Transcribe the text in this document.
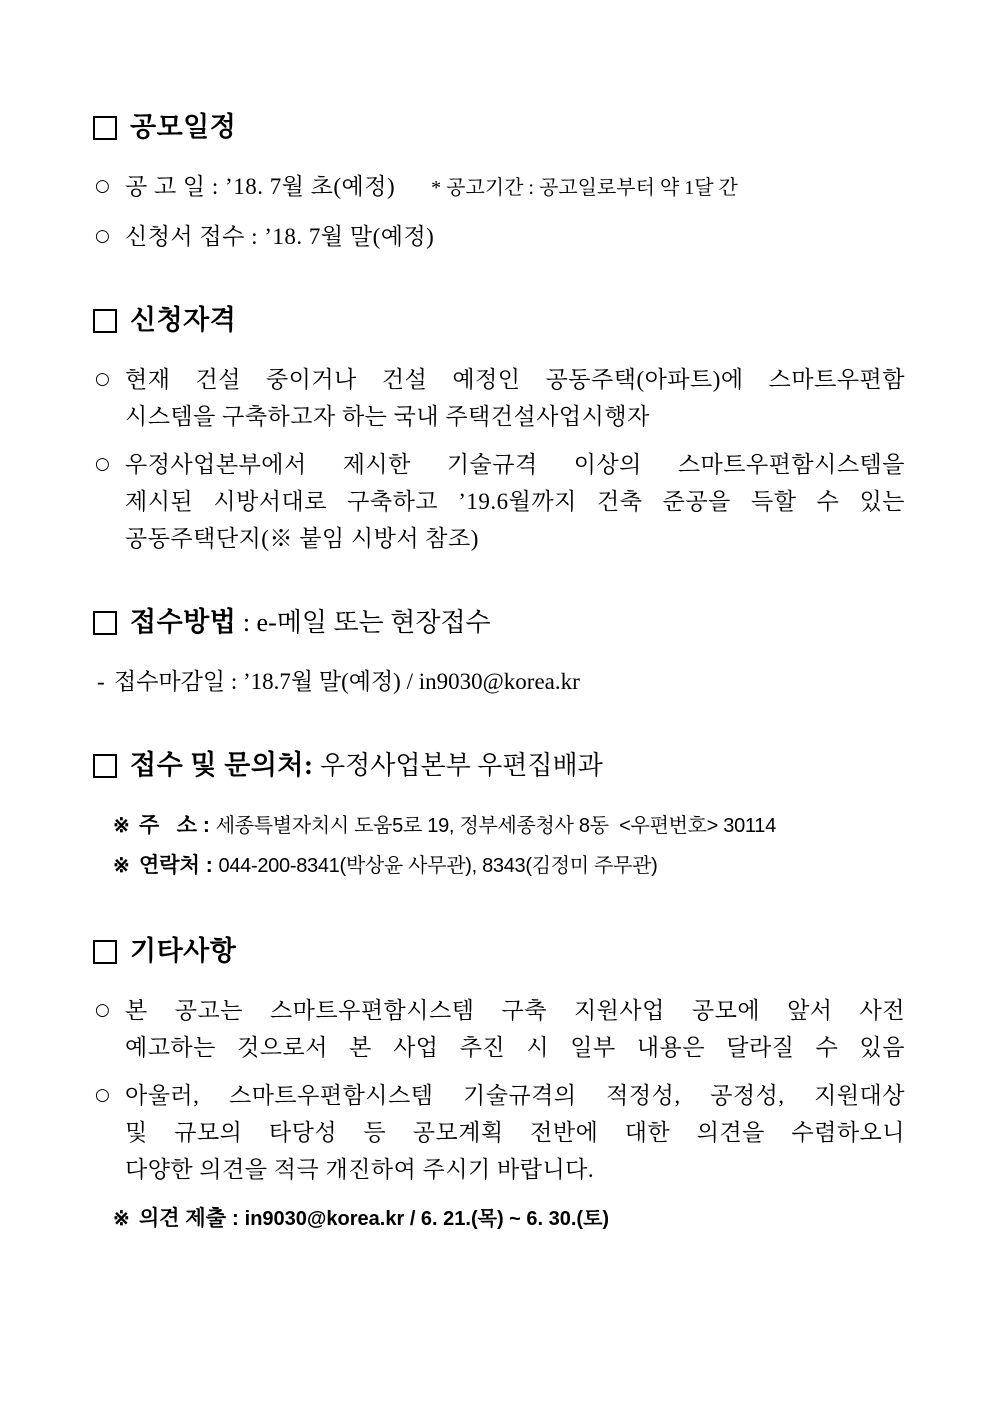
공모일정
○ 공 고 일 : ’18. 7월 초(예정) * 공고기간 : 공고일로부터 약 1달 간
○ 신청서 접수 : ’18. 7월 말(예정)
신청자격
○ 현재 건설 중이거나 건설 예정인 공동주택(아파트)에 스마트우편함
시스템을 구축하고자 하는 국내 주택건설사업시행자
○ 우정사업본부에서 제시한 기술규격 이상의 스마트우편함시스템을
제시된 시방서대로 구축하고 ’19.6월까지 건축 준공을 득할 수 있는
공동주택단지(※ 붙임 시방서 참조)
접수방법 : e-메일 또는 현장접수
- 접수마감일 : ’18.7월 말(예정) / in9030@korea.kr
접수 및 문의처: 우정사업본부 우편집배과
※ 주   소 : 세종특별자치시 도움5로 19, 정부세종청사 8동  <우편번호> 30114
※ 연락처 : 044-200-8341(박상윤 사무관), 8343(김정미 주무관)
기타사항
○ 본 공고는 스마트우편함시스템 구축 지원사업 공모에 앞서 사전
예고하는 것으로서 본 사업 추진 시 일부 내용은 달라질 수 있음
○ 아울러, 스마트우편함시스템 기술규격의 적정성, 공정성, 지원대상
및 규모의 타당성 등 공모계획 전반에 대한 의견을 수렴하오니
다양한 의견을 적극 개진하여 주시기 바랍니다.
※ 의견 제출 : in9030@korea.kr / 6. 21.(목) ~ 6. 30.(토)
